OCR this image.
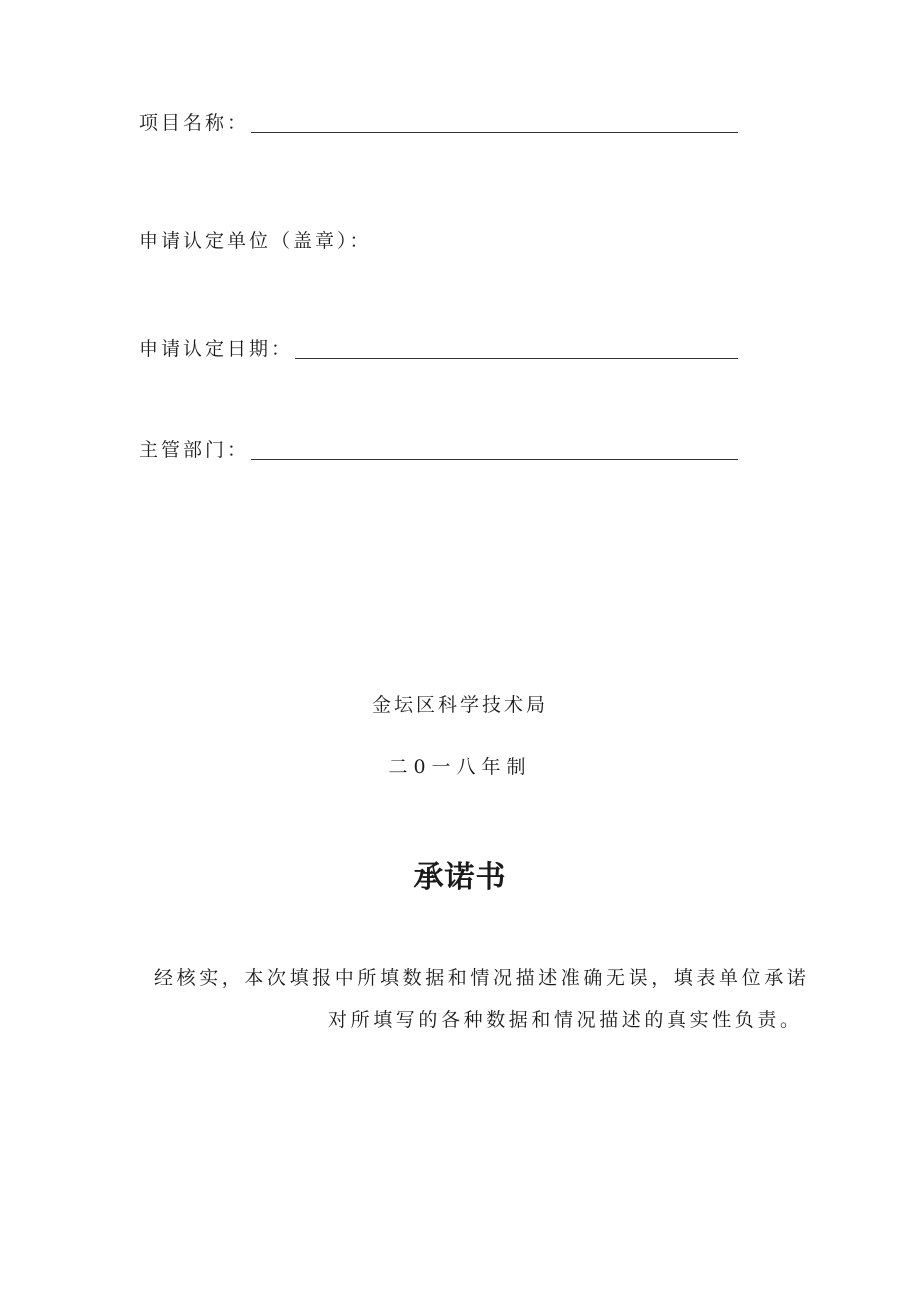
项目名称：
申请认定单位（盖章）：
申请认定日期：
主管部门：
金坛区科学技术局
二0一八年制
承诺书
经核实，本次填报中所填数据和情况描述准确无误，填表单位承诺
对所填写的各种数据和情况描述的真实性负责。
